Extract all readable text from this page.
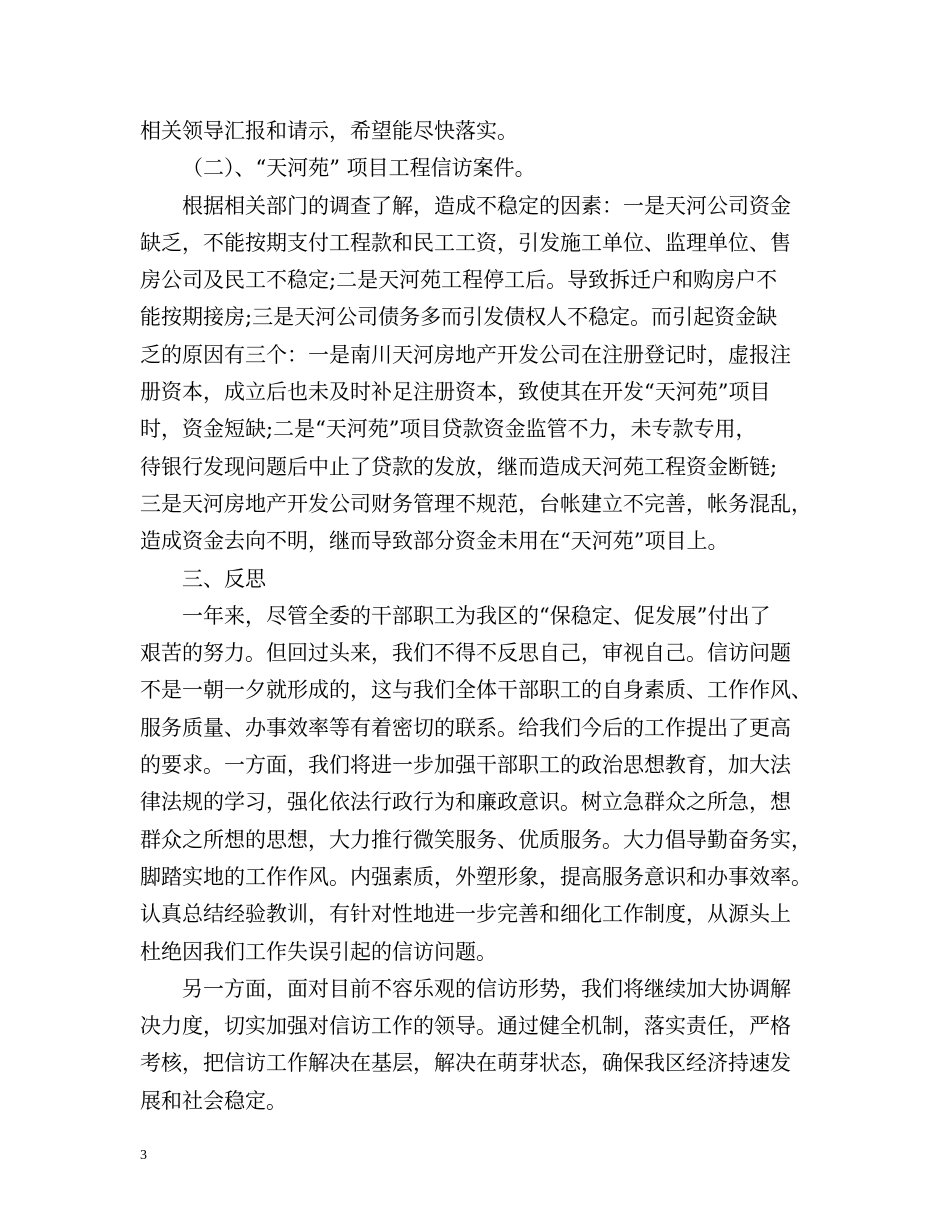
相关领导汇报和请示，希望能尽快落实。
（二）、“天河苑” 项目工程信访案件。
根据相关部门的调查了解，造成不稳定的因素：一是天河公司资金
缺乏，不能按期支付工程款和民工工资，引发施工单位、监理单位、售
房公司及民工不稳定;二是天河苑工程停工后。导致拆迁户和购房户不
能按期接房;三是天河公司债务多而引发债权人不稳定。而引起资金缺
乏的原因有三个：一是南川天河房地产开发公司在注册登记时，虚报注
册资本，成立后也未及时补足注册资本，致使其在开发“天河苑”项目
时，资金短缺;二是“天河苑”项目贷款资金监管不力，未专款专用，
待银行发现问题后中止了贷款的发放，继而造成天河苑工程资金断链;
三是天河房地产开发公司财务管理不规范，台帐建立不完善，帐务混乱，
造成资金去向不明，继而导致部分资金未用在“天河苑”项目上。
三、反思
一年来，尽管全委的干部职工为我区的“保稳定、促发展”付出了
艰苦的努力。但回过头来，我们不得不反思自己，审视自己。信访问题
不是一朝一夕就形成的，这与我们全体干部职工的自身素质、工作作风、
服务质量、办事效率等有着密切的联系。给我们今后的工作提出了更高
的要求。一方面，我们将进一步加强干部职工的政治思想教育，加大法
律法规的学习，强化依法行政行为和廉政意识。树立急群众之所急，想
群众之所想的思想，大力推行微笑服务、优质服务。大力倡导勤奋务实，
脚踏实地的工作作风。内强素质，外塑形象，提高服务意识和办事效率。
认真总结经验教训，有针对性地进一步完善和细化工作制度，从源头上
杜绝因我们工作失误引起的信访问题。
另一方面，面对目前不容乐观的信访形势，我们将继续加大协调解
决力度，切实加强对信访工作的领导。通过健全机制，落实责任，严格
考核，把信访工作解决在基层，解决在萌芽状态，确保我区经济持速发
展和社会稳定。
3
